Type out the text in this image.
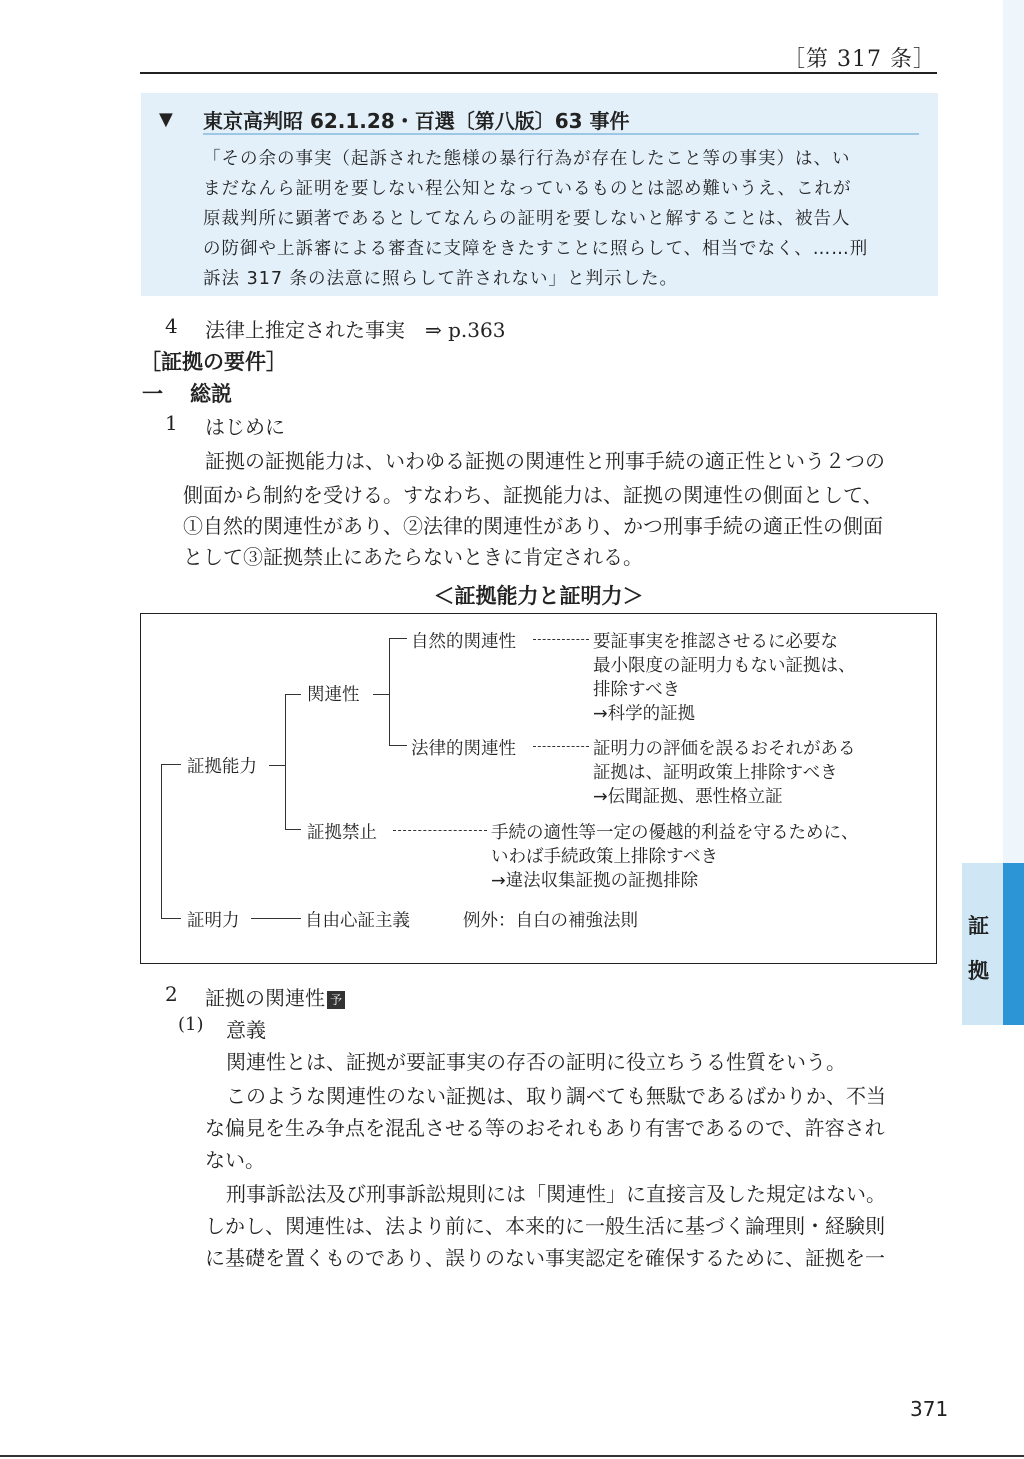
［第 317 条］
▼ 東京高判昭 62.1.28・百選〔第八版〕63 事件
「その余の事実（起訴された態様の暴行行為が存在したこと等の事実）は、い
まだなんら証明を要しない程公知となっているものとは認め難いうえ、これが
原裁判所に顕著であるとしてなんらの証明を要しないと解することは、被告人
の防御や上訴審による審査に支障をきたすことに照らして、相当でなく、……刑
訴法 317 条の法意に照らして許されない」と判示した。
4 法律上推定された事実　⇒ p.363
［証拠の要件］
一 総説
1 はじめに
証拠の証拠能力は、いわゆる証拠の関連性と刑事手続の適正性という２つの
側面から制約を受ける。すなわち、証拠能力は、証拠の関連性の側面として、
①自然的関連性があり、②法律的関連性があり、かつ刑事手続の適正性の側面
として③証拠禁止にあたらないときに肯定される。
＜証拠能力と証明力＞
証拠能力
関連性
自然的関連性	要証事実を推認させるに必要な
最小限度の証明力もない証拠は、
排除すべき
→科学的証拠
法律的関連性	証明力の評価を誤るおそれがある
証拠は、証明政策上排除すべき
→伝聞証拠、悪性格立証
証拠禁止	手続の適性等一定の優越的利益を守るために、
いわば手続政策上排除すべき
→違法収集証拠の証拠排除
証明力	自由心証主義	例外：自白の補強法則
2 証拠の関連性 予
(1) 意義
関連性とは、証拠が要証事実の存否の証明に役立ちうる性質をいう。
このような関連性のない証拠は、取り調べても無駄であるばかりか、不当
な偏見を生み争点を混乱させる等のおそれもあり有害であるので、許容され
ない。
刑事訴訟法及び刑事訴訟規則には「関連性」に直接言及した規定はない。
しかし、関連性は、法より前に、本来的に一般生活に基づく論理則・経験則
に基礎を置くものであり、誤りのない事実認定を確保するために、証拠を一
証
拠
371
